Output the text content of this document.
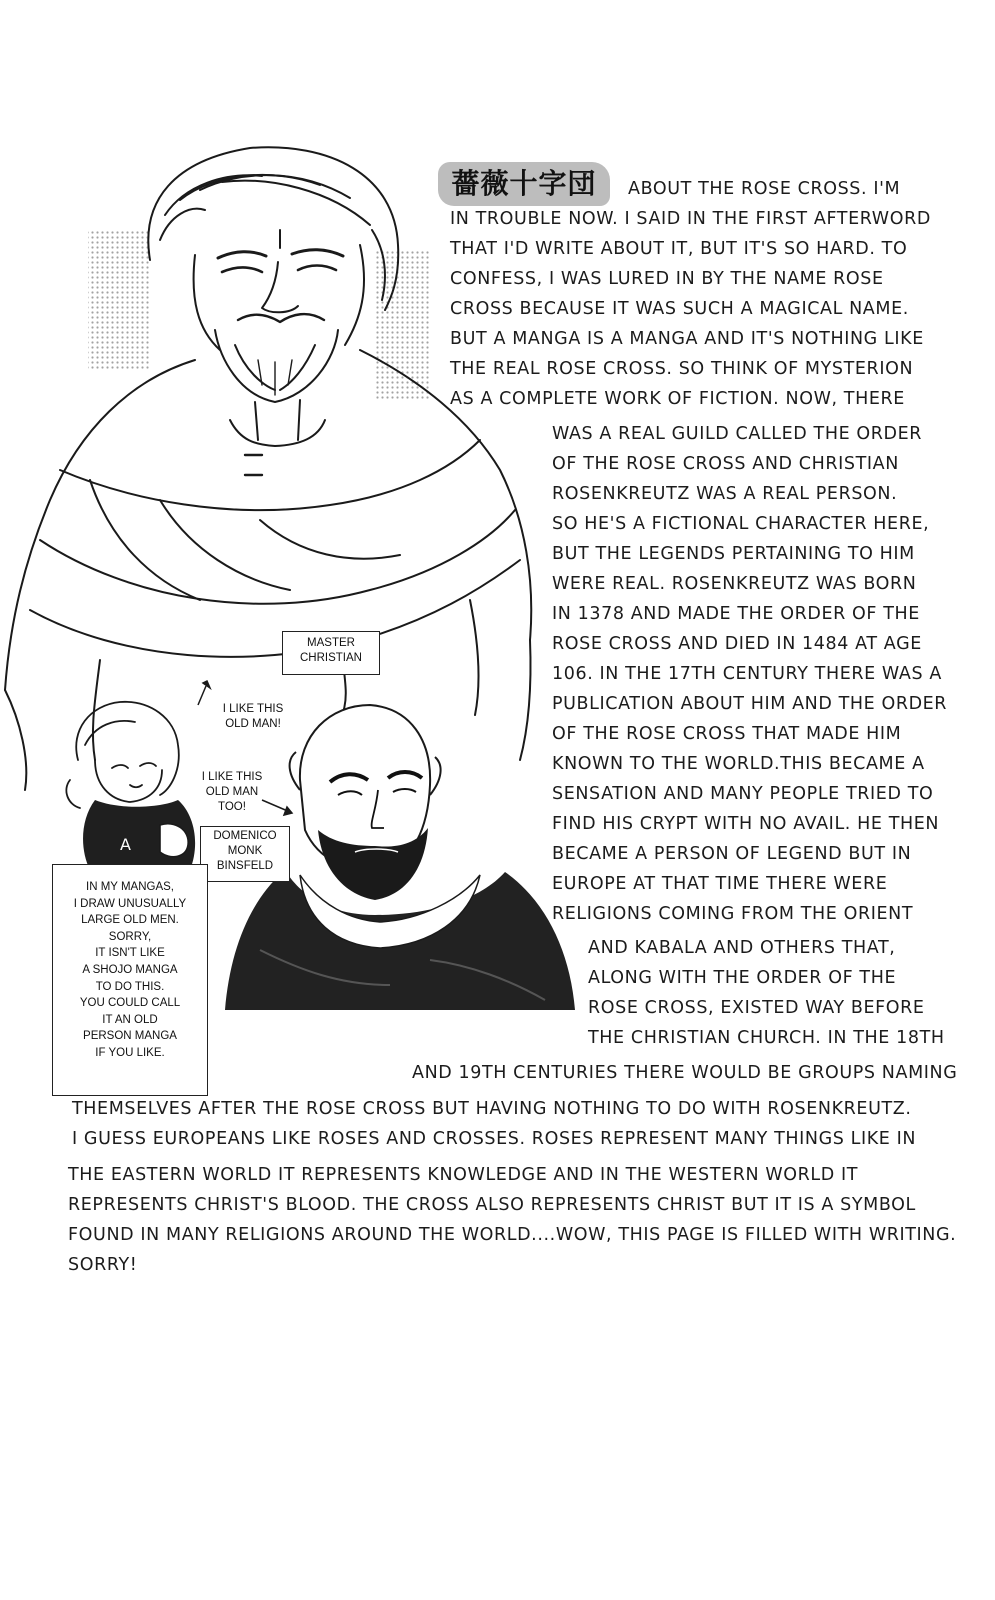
A
薔薇十字団
MASTER
CHRISTIAN
DOMENICO
MONK
BINSFELD
IN MY MANGAS,
I DRAW UNUSUALLY
LARGE OLD MEN.
SORRY,
IT ISN'T LIKE
A SHOJO MANGA
TO DO THIS.
YOU COULD CALL
IT AN OLD
PERSON MANGA
IF YOU LIKE.
I LIKE THIS
OLD MAN!
I LIKE THIS
OLD MAN
TOO!
ABOUT THE ROSE CROSS. I'M
IN TROUBLE NOW. I SAID IN THE FIRST AFTERWORD
THAT I'D WRITE ABOUT IT, BUT IT'S SO HARD. TO
CONFESS, I WAS LURED IN BY THE NAME ROSE
CROSS BECAUSE IT WAS SUCH A MAGICAL NAME.
BUT A MANGA IS A MANGA AND IT'S NOTHING LIKE
THE REAL ROSE CROSS. SO THINK OF MYSTERION
AS A COMPLETE WORK OF FICTION. NOW, THERE
WAS A REAL GUILD CALLED THE ORDER
OF THE ROSE CROSS AND CHRISTIAN
ROSENKREUTZ WAS A REAL PERSON.
SO HE'S A FICTIONAL CHARACTER HERE,
BUT THE LEGENDS PERTAINING TO HIM
WERE REAL. ROSENKREUTZ WAS BORN
IN 1378 AND MADE THE ORDER OF THE
ROSE CROSS AND DIED IN 1484 AT AGE
106. IN THE 17TH CENTURY THERE WAS A
PUBLICATION ABOUT HIM AND THE ORDER
OF THE ROSE CROSS THAT MADE HIM
KNOWN TO THE WORLD.THIS BECAME A
SENSATION AND MANY PEOPLE TRIED TO
FIND HIS CRYPT WITH NO AVAIL. HE THEN
BECAME A PERSON OF LEGEND BUT IN
EUROPE AT THAT TIME THERE WERE
RELIGIONS COMING FROM THE ORIENT
AND KABALA AND OTHERS THAT,
ALONG WITH THE ORDER OF THE
ROSE CROSS, EXISTED WAY BEFORE
THE CHRISTIAN CHURCH. IN THE 18TH
AND 19TH CENTURIES THERE WOULD BE GROUPS NAMING
THEMSELVES AFTER THE ROSE CROSS BUT HAVING NOTHING TO DO WITH ROSENKREUTZ.
I GUESS EUROPEANS LIKE ROSES AND CROSSES. ROSES REPRESENT MANY THINGS LIKE IN
THE EASTERN WORLD IT REPRESENTS KNOWLEDGE AND IN THE WESTERN WORLD IT
REPRESENTS CHRIST'S BLOOD. THE CROSS ALSO REPRESENTS CHRIST BUT IT IS A SYMBOL
FOUND IN MANY RELIGIONS AROUND THE WORLD....WOW, THIS PAGE IS FILLED WITH WRITING.
SORRY!
